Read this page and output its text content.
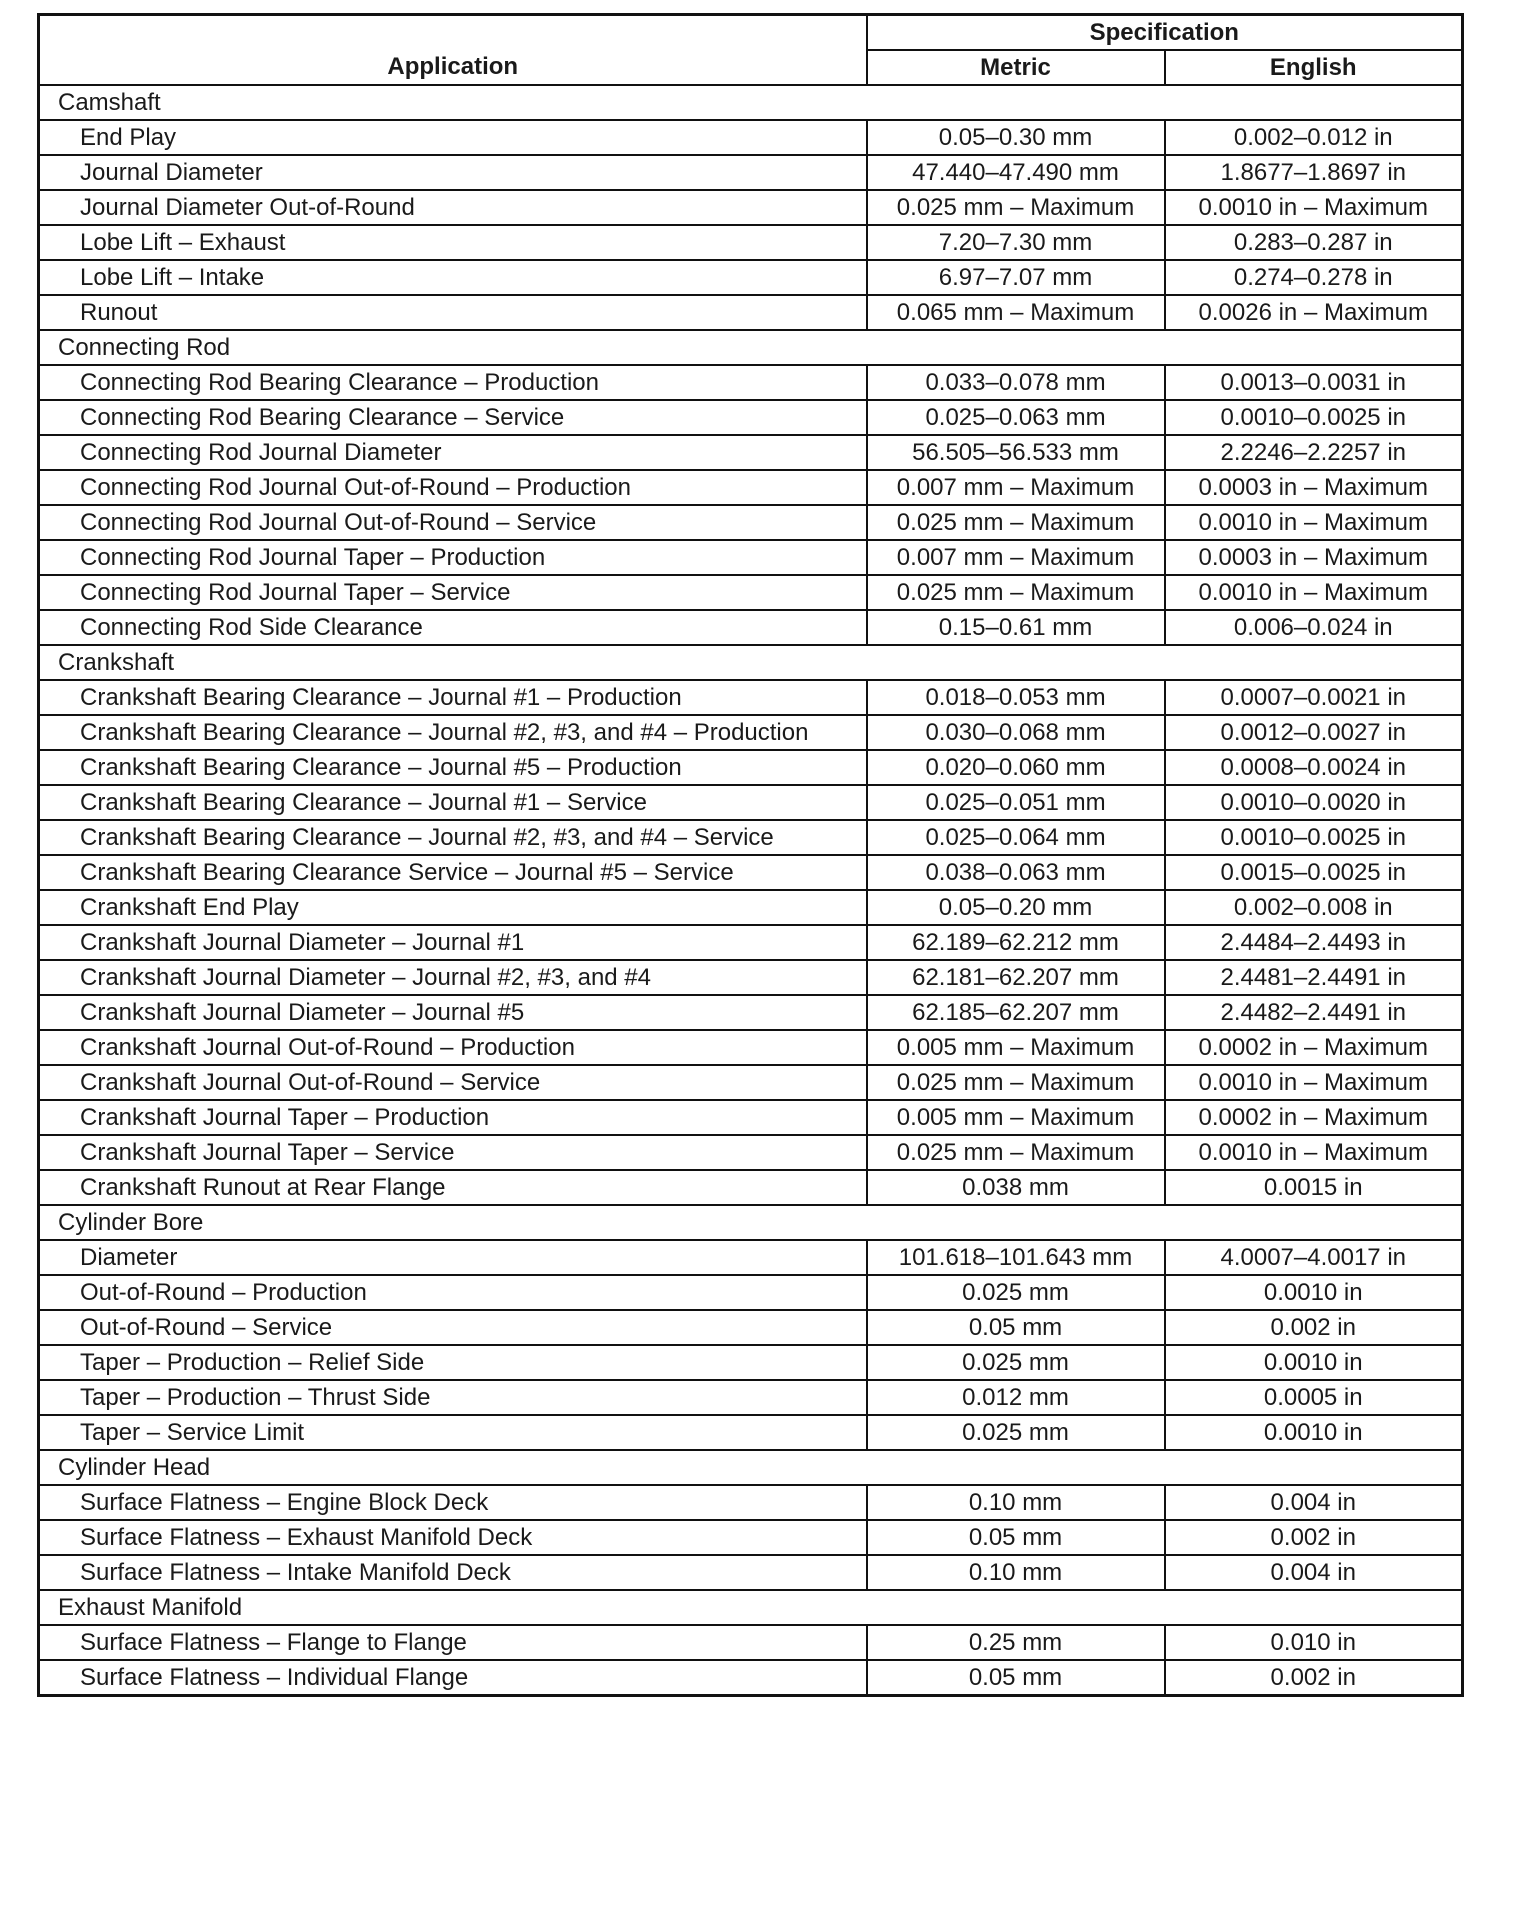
Application	Specification	
	Metric	English
Camshaft		
End Play	0.05–0.30 mm	0.002–0.012 in
Journal Diameter	47.440–47.490 mm	1.8677–1.8697 in
Journal Diameter Out-of-Round	0.025 mm – Maximum	0.0010 in – Maximum
Lobe Lift – Exhaust	7.20–7.30 mm	0.283–0.287 in
Lobe Lift – Intake	6.97–7.07 mm	0.274–0.278 in
Runout	0.065 mm – Maximum	0.0026 in – Maximum
Connecting Rod		
Connecting Rod Bearing Clearance – Production	0.033–0.078 mm	0.0013–0.0031 in
Connecting Rod Bearing Clearance – Service	0.025–0.063 mm	0.0010–0.0025 in
Connecting Rod Journal Diameter	56.505–56.533 mm	2.2246–2.2257 in
Connecting Rod Journal Out-of-Round – Production	0.007 mm – Maximum	0.0003 in – Maximum
Connecting Rod Journal Out-of-Round – Service	0.025 mm – Maximum	0.0010 in – Maximum
Connecting Rod Journal Taper – Production	0.007 mm – Maximum	0.0003 in – Maximum
Connecting Rod Journal Taper – Service	0.025 mm – Maximum	0.0010 in – Maximum
Connecting Rod Side Clearance	0.15–0.61 mm	0.006–0.024 in
Crankshaft		
Crankshaft Bearing Clearance – Journal #1 – Production	0.018–0.053 mm	0.0007–0.0021 in
Crankshaft Bearing Clearance – Journal #2, #3, and #4 – Production	0.030–0.068 mm	0.0012–0.0027 in
Crankshaft Bearing Clearance – Journal #5 – Production	0.020–0.060 mm	0.0008–0.0024 in
Crankshaft Bearing Clearance – Journal #1 – Service	0.025–0.051 mm	0.0010–0.0020 in
Crankshaft Bearing Clearance – Journal #2, #3, and #4 – Service	0.025–0.064 mm	0.0010–0.0025 in
Crankshaft Bearing Clearance Service – Journal #5 – Service	0.038–0.063 mm	0.0015–0.0025 in
Crankshaft End Play	0.05–0.20 mm	0.002–0.008 in
Crankshaft Journal Diameter – Journal #1	62.189–62.212 mm	2.4484–2.4493 in
Crankshaft Journal Diameter – Journal #2, #3, and #4	62.181–62.207 mm	2.4481–2.4491 in
Crankshaft Journal Diameter – Journal #5	62.185–62.207 mm	2.4482–2.4491 in
Crankshaft Journal Out-of-Round – Production	0.005 mm – Maximum	0.0002 in – Maximum
Crankshaft Journal Out-of-Round – Service	0.025 mm – Maximum	0.0010 in – Maximum
Crankshaft Journal Taper – Production	0.005 mm – Maximum	0.0002 in – Maximum
Crankshaft Journal Taper – Service	0.025 mm – Maximum	0.0010 in – Maximum
Crankshaft Runout at Rear Flange	0.038 mm	0.0015 in
Cylinder Bore		
Diameter	101.618–101.643 mm	4.0007–4.0017 in
Out-of-Round – Production	0.025 mm	0.0010 in
Out-of-Round – Service	0.05 mm	0.002 in
Taper – Production – Relief Side	0.025 mm	0.0010 in
Taper – Production – Thrust Side	0.012 mm	0.0005 in
Taper – Service Limit	0.025 mm	0.0010 in
Cylinder Head		
Surface Flatness – Engine Block Deck	0.10 mm	0.004 in
Surface Flatness – Exhaust Manifold Deck	0.05 mm	0.002 in
Surface Flatness – Intake Manifold Deck	0.10 mm	0.004 in
Exhaust Manifold		
Surface Flatness – Flange to Flange	0.25 mm	0.010 in
Surface Flatness – Individual Flange	0.05 mm	0.002 in
